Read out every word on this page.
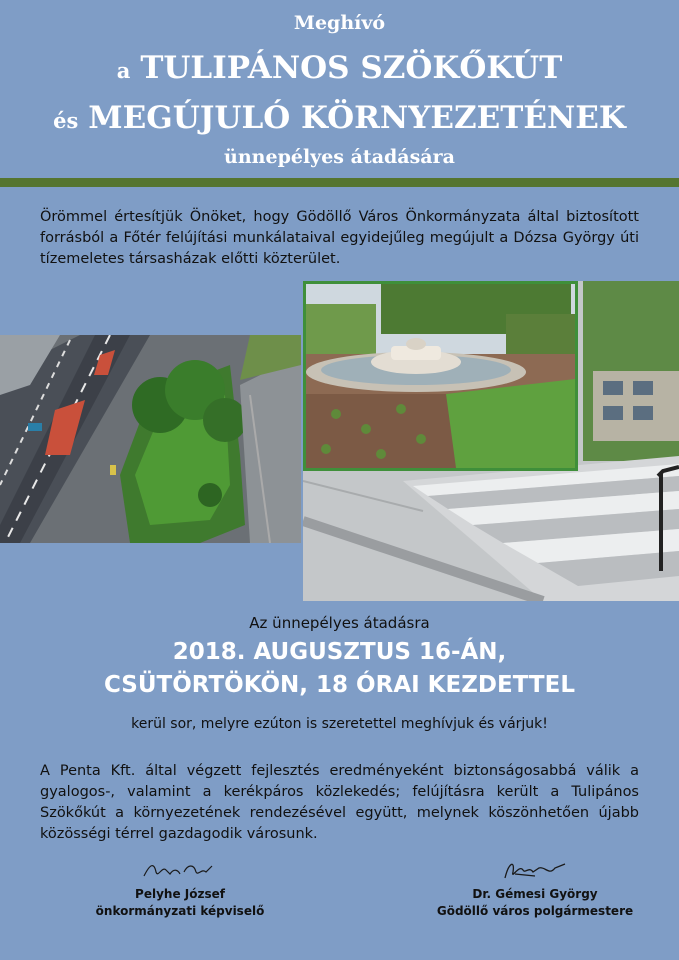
Meghívó
a TULIPÁNOS SZÖKŐKÚT
és MEGÚJULÓ KÖRNYEZETÉNEK
ünnepélyes átadására

Örömmel értesítjük Önöket, hogy Gödöllő Város Önkormányzata által biztosított forrásból a Főtér felújítási munkálataival egyidejűleg megújult a Dózsa György úti tízemeletes társasházak előtti közterület.

Az ünnepélyes átadásra
2018. AUGUSZTUS 16-ÁN,
CSÜTÖRTÖKÖN, 18 ÓRAI KEZDETTEL
kerül sor, melyre ezúton is szeretettel meghívjuk és várjuk!

A Penta Kft. által végzett fejlesztés eredményeként biztonságosabbá válik a gyalogos-, valamint a kerékpáros közlekedés; felújításra került a Tulipános Szökőkút a környezetének rendezésével együtt, melynek köszönhetően újabb közösségi térrel gazdagodik városunk.

Pelyhe József
önkormányzati képviselő
Dr. Gémesi György
Gödöllő város polgármestere
